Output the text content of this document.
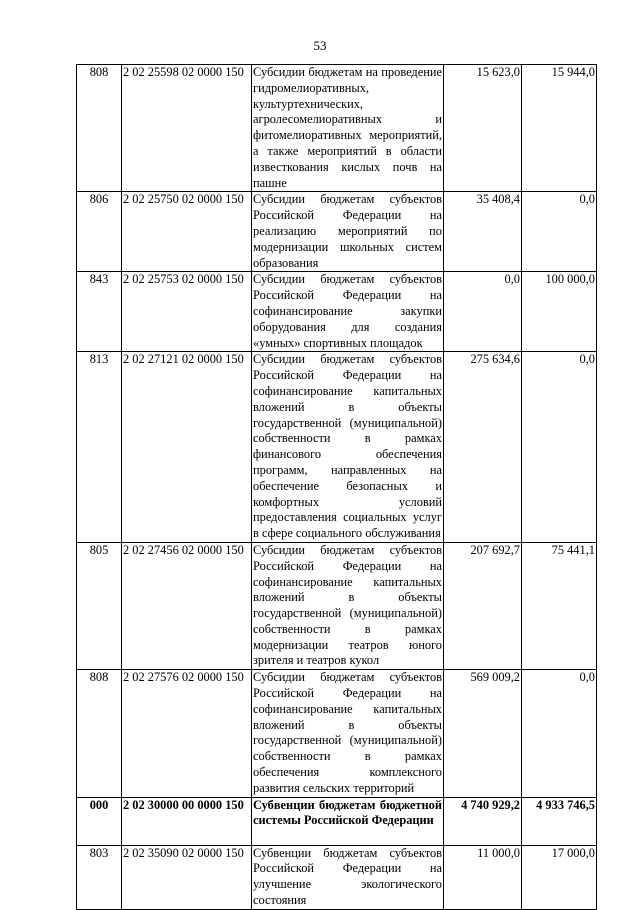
53
808	2 02 25598 02 0000 150	Субсидии бюджетам на проведение гидромелиоративных, культуртехнических, агролесомелиоративных и фитомелиоративных мероприятий, а также мероприятий в области известкования кислых почв на пашне	15 623,0	15 944,0
806	2 02 25750 02 0000 150	Субсидии бюджетам субъектов Российской Федерации на реализацию мероприятий по модернизации школьных систем образования	35 408,4	0,0
843	2 02 25753 02 0000 150	Субсидии бюджетам субъектов Российской Федерации на софинансирование закупки оборудования для создания «умных» спортивных площадок	0,0	100 000,0
813	2 02 27121 02 0000 150	Субсидии бюджетам субъектов Российской Федерации на софинансирование капитальных вложений в объекты государственной (муниципальной) собственности в рамках финансового обеспечения программ, направленных на обеспечение безопасных и комфортных условий предоставления социальных услуг в сфере социального обслуживания	275 634,6	0,0
805	2 02 27456 02 0000 150	Субсидии бюджетам субъектов Российской Федерации на софинансирование капитальных вложений в объекты государственной (муниципальной) собственности в рамках модернизации театров юного зрителя и театров кукол	207 692,7	75 441,1
808	2 02 27576 02 0000 150	Субсидии бюджетам субъектов Российской Федерации на софинансирование капитальных вложений в объекты государственной (муниципальной) собственности в рамках обеспечения комплексного развития сельских территорий	569 009,2	0,0
000	2 02 30000 00 0000 150	Субвенции бюджетам бюджетной системы Российской Федерации	4 740 929,2	4 933 746,5
803	2 02 35090 02 0000 150	Субвенции бюджетам субъектов Российской Федерации на улучшение экологического состояния	11 000,0	17 000,0
